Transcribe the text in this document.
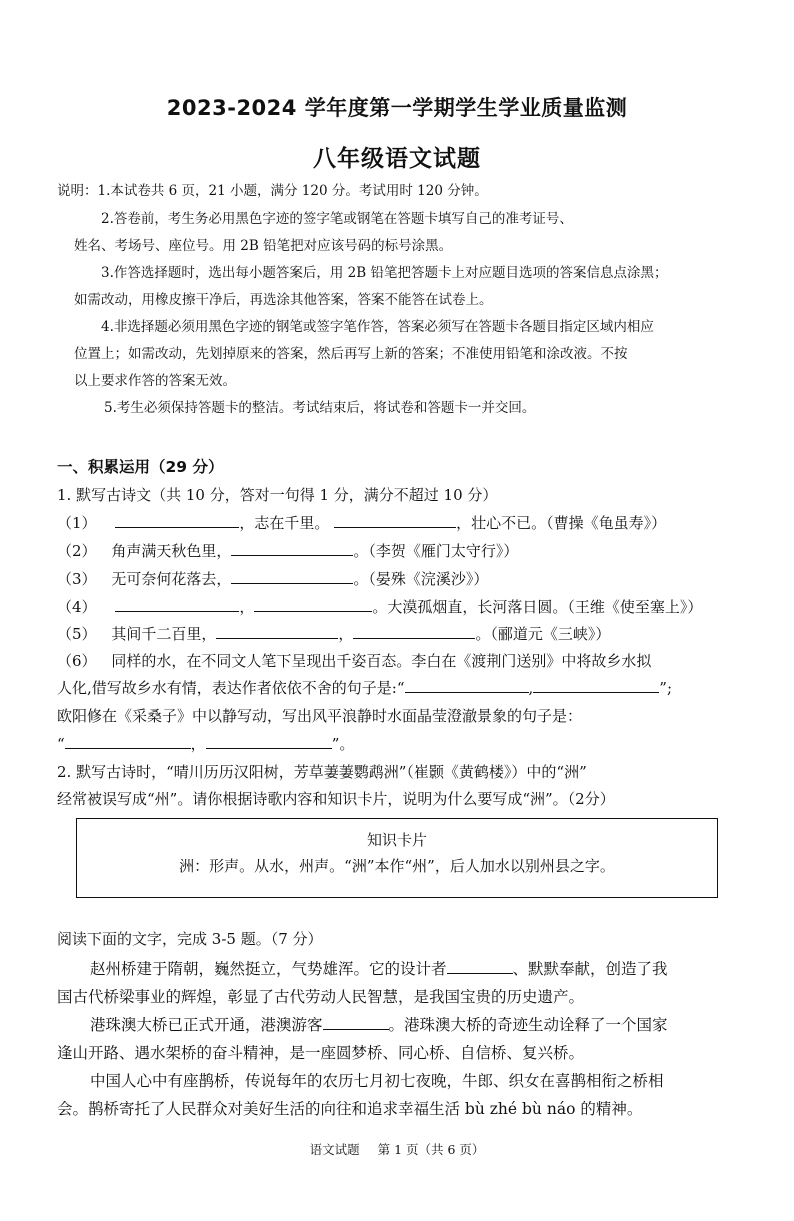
2023-2024 学年度第一学期学生学业质量监测
八年级语文试题
说明：1.本试卷共 6 页，21 小题，满分 120 分。考试用时 120 分钟。
2.答卷前，考生务必用黑色字迹的签字笔或钢笔在答题卡填写自己的准考证号、
姓名、考场号、座位号。用 2B 铅笔把对应该号码的标号涂黑。
3.作答选择题时，选出每小题答案后，用 2B 铅笔把答题卡上对应题目选项的答案信息点涂黑；
如需改动，用橡皮擦干净后，再选涂其他答案，答案不能答在试卷上。
4.非选择题必须用黑色字迹的钢笔或签字笔作答，答案必须写在答题卡各题目指定区域内相应
位置上；如需改动，先划掉原来的答案，然后再写上新的答案；不准使用铅笔和涂改液。不按
以上要求作答的答案无效。
5.考生必须保持答题卡的整洁。考试结束后，将试卷和答题卡一并交回。
一、积累运用（29 分）
1. 默写古诗文（共 10 分，答对一句得 1 分，满分不超过 10 分）
（1）	，志在千里。	，壮心不已。（曹操《龟虽寿》）
（2） 角声满天秋色里，	。（李贺《雁门太守行》）
（3） 无可奈何花落去，	。（晏殊《浣溪沙》）
（4）	，	。大漠孤烟直，长河落日圆。（王维《使至塞上》）
（5） 其间千二百里，	，	。（郦道元《三峡》）
（6） 同样的水，在不同文人笔下呈现出千姿百态。李白在《渡荆门送别》中将故乡水拟
人化,借写故乡水有情，表达作者依依不舍的句子是:“	,	”;
欧阳修在《采桑子》中以静写动，写出风平浪静时水面晶莹澄澈景象的句子是：
“	，	”。
2. 默写古诗时，“晴川历历汉阳树，芳草萋萋鹦鹉洲”（崔颢《黄鹤楼》）中的“洲”
经常被误写成“州”。请你根据诗歌内容和知识卡片，说明为什么要写成“洲”。（2分）
知识卡片
洲：形声。从水，州声。“洲”本作“州”，后人加水以别州县之字。
阅读下面的文字，完成 3-5 题。（7 分）
赵州桥建于隋朝，巍然挺立，气势雄浑。它的设计者	、默默奉献，创造了我
国古代桥梁事业的辉煌，彰显了古代劳动人民智慧，是我国宝贵的历史遗产。
港珠澳大桥已正式开通，港澳游客	。港珠澳大桥的奇迹生动诠释了一个国家
逢山开路、遇水架桥的奋斗精神，是一座圆梦桥、同心桥、自信桥、复兴桥。
中国人心中有座鹊桥，传说每年的农历七月初七夜晚，牛郎、织女在喜鹊相衔之桥相
会。鹊桥寄托了人民群众对美好生活的向往和追求幸福生活 bù zhé bù náo 的精神。
语文试题 第 1 页（共 6 页）
